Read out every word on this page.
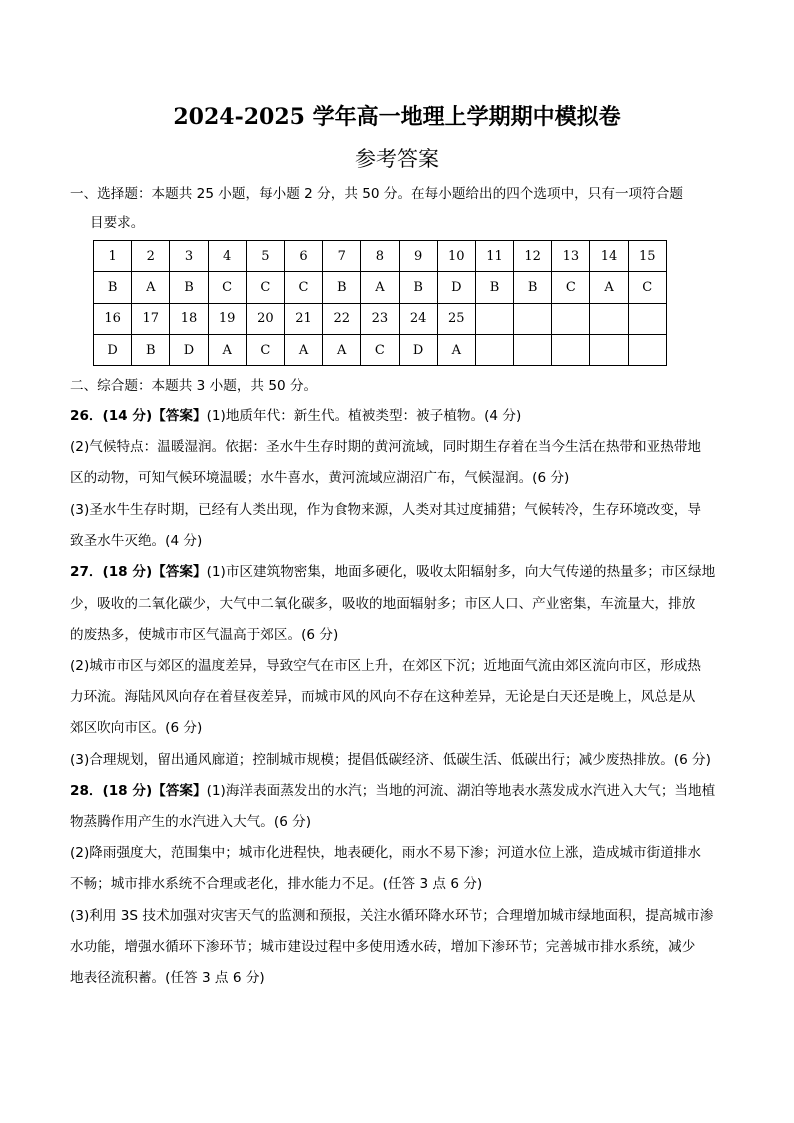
2024-2025 学年高一地理上学期期中模拟卷
参考答案
一、选择题：本题共 25 小题，每小题 2 分，共 50 分。在每小题给出的四个选项中，只有一项符合题
目要求。
1	2	3	4	5	6	7	8	9	10	11	12	13	14	15
B	A	B	C	C	C	B	A	B	D	B	B	C	A	C
16	17	18	19	20	21	22	23	24	25					
D	B	D	A	C	A	A	C	D	A					
二、综合题：本题共 3 小题，共 50 分。
26．(14 分)【答案】(1)地质年代：新生代。植被类型：被子植物。(4 分)
(2)气候特点：温暖湿润。依据：圣水牛生存时期的黄河流域，同时期生存着在当今生活在热带和亚热带地
区的动物，可知气候环境温暖；水牛喜水，黄河流域应湖沼广布，气候湿润。(6 分)
(3)圣水牛生存时期，已经有人类出现，作为食物来源，人类对其过度捕猎；气候转冷，生存环境改变，导
致圣水牛灭绝。(4 分)
27．(18 分)【答案】(1)市区建筑物密集，地面多硬化，吸收太阳辐射多，向大气传递的热量多；市区绿地
少，吸收的二氧化碳少，大气中二氧化碳多，吸收的地面辐射多；市区人口、产业密集，车流量大，排放
的废热多，使城市市区气温高于郊区。(6 分)
(2)城市市区与郊区的温度差异，导致空气在市区上升，在郊区下沉；近地面气流由郊区流向市区，形成热
力环流。海陆风风向存在着昼夜差异，而城市风的风向不存在这种差异，无论是白天还是晚上，风总是从
郊区吹向市区。(6 分)
(3)合理规划，留出通风廊道；控制城市规模；提倡低碳经济、低碳生活、低碳出行；减少废热排放。(6 分)
28．(18 分)【答案】(1)海洋表面蒸发出的水汽；当地的河流、湖泊等地表水蒸发成水汽进入大气；当地植
物蒸腾作用产生的水汽进入大气。(6 分)
(2)降雨强度大，范围集中；城市化进程快，地表硬化，雨水不易下渗；河道水位上涨，造成城市街道排水
不畅；城市排水系统不合理或老化，排水能力不足。(任答 3 点 6 分)
(3)利用 3S 技术加强对灾害天气的监测和预报，关注水循环降水环节；合理增加城市绿地面积，提高城市渗
水功能，增强水循环下渗环节；城市建设过程中多使用透水砖，增加下渗环节；完善城市排水系统，减少
地表径流积蓄。(任答 3 点 6 分)
